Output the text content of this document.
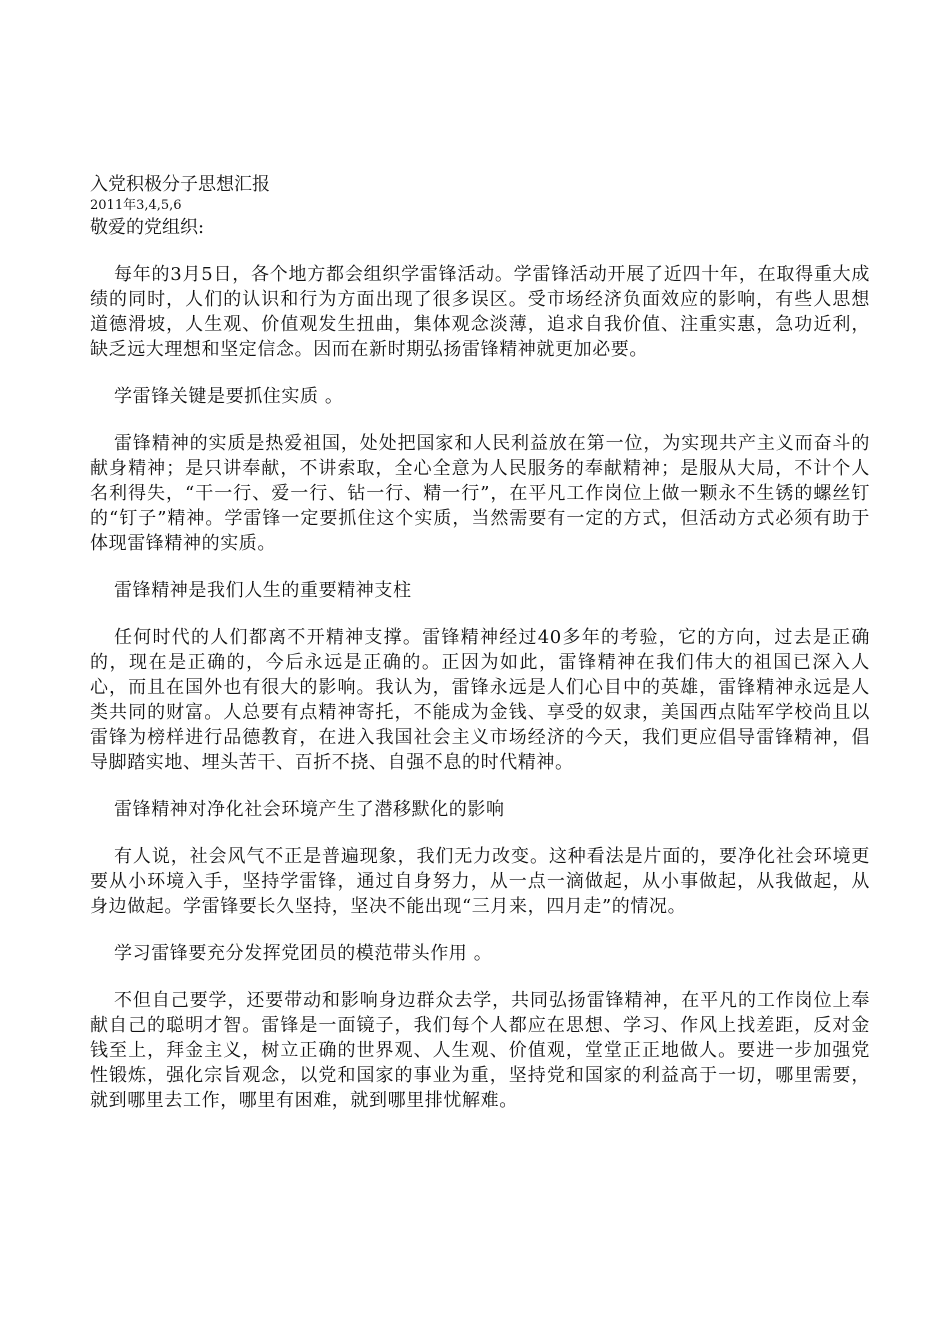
入党积极分子思想汇报
2011年3,4,5,6
敬爱的党组织:

每年的3月5日，各个地方都会组织学雷锋活动。学雷锋活动开展了近四十年，在取得重大成绩的同时，人们的认识和行为方面出现了很多误区。受市场经济负面效应的影响，有些人思想道德滑坡，人生观、价值观发生扭曲，集体观念淡薄，追求自我价值、注重实惠，急功近利，缺乏远大理想和坚定信念。因而在新时期弘扬雷锋精神就更加必要。

学雷锋关键是要抓住实质 。

雷锋精神的实质是热爱祖国，处处把国家和人民利益放在第一位，为实现共产主义而奋斗的献身精神；是只讲奉献，不讲索取，全心全意为人民服务的奉献精神；是服从大局，不计个人名利得失，“干一行、爱一行、钻一行、精一行”，在平凡工作岗位上做一颗永不生锈的螺丝钉的“钉子”精神。学雷锋一定要抓住这个实质，当然需要有一定的方式，但活动方式必须有助于体现雷锋精神的实质。

雷锋精神是我们人生的重要精神支柱

任何时代的人们都离不开精神支撑。雷锋精神经过40多年的考验，它的方向，过去是正确的，现在是正确的，今后永远是正确的。正因为如此，雷锋精神在我们伟大的祖国已深入人心，而且在国外也有很大的影响。我认为，雷锋永远是人们心目中的英雄，雷锋精神永远是人类共同的财富。人总要有点精神寄托，不能成为金钱、享受的奴隶，美国西点陆军学校尚且以雷锋为榜样进行品德教育，在进入我国社会主义市场经济的今天，我们更应倡导雷锋精神，倡导脚踏实地、埋头苦干、百折不挠、自强不息的时代精神。

雷锋精神对净化社会环境产生了潜移默化的影响

有人说，社会风气不正是普遍现象，我们无力改变。这种看法是片面的，要净化社会环境更要从小环境入手，坚持学雷锋，通过自身努力，从一点一滴做起，从小事做起，从我做起，从身边做起。学雷锋要长久坚持，坚决不能出现“三月来，四月走”的情况。

学习雷锋要充分发挥党团员的模范带头作用 。

不但自己要学，还要带动和影响身边群众去学，共同弘扬雷锋精神，在平凡的工作岗位上奉献自己的聪明才智。雷锋是一面镜子，我们每个人都应在思想、学习、作风上找差距，反对金钱至上，拜金主义，树立正确的世界观、人生观、价值观，堂堂正正地做人。要进一步加强党性锻炼，强化宗旨观念，以党和国家的事业为重，坚持党和国家的利益高于一切，哪里需要，就到哪里去工作，哪里有困难，就到哪里排忧解难。
